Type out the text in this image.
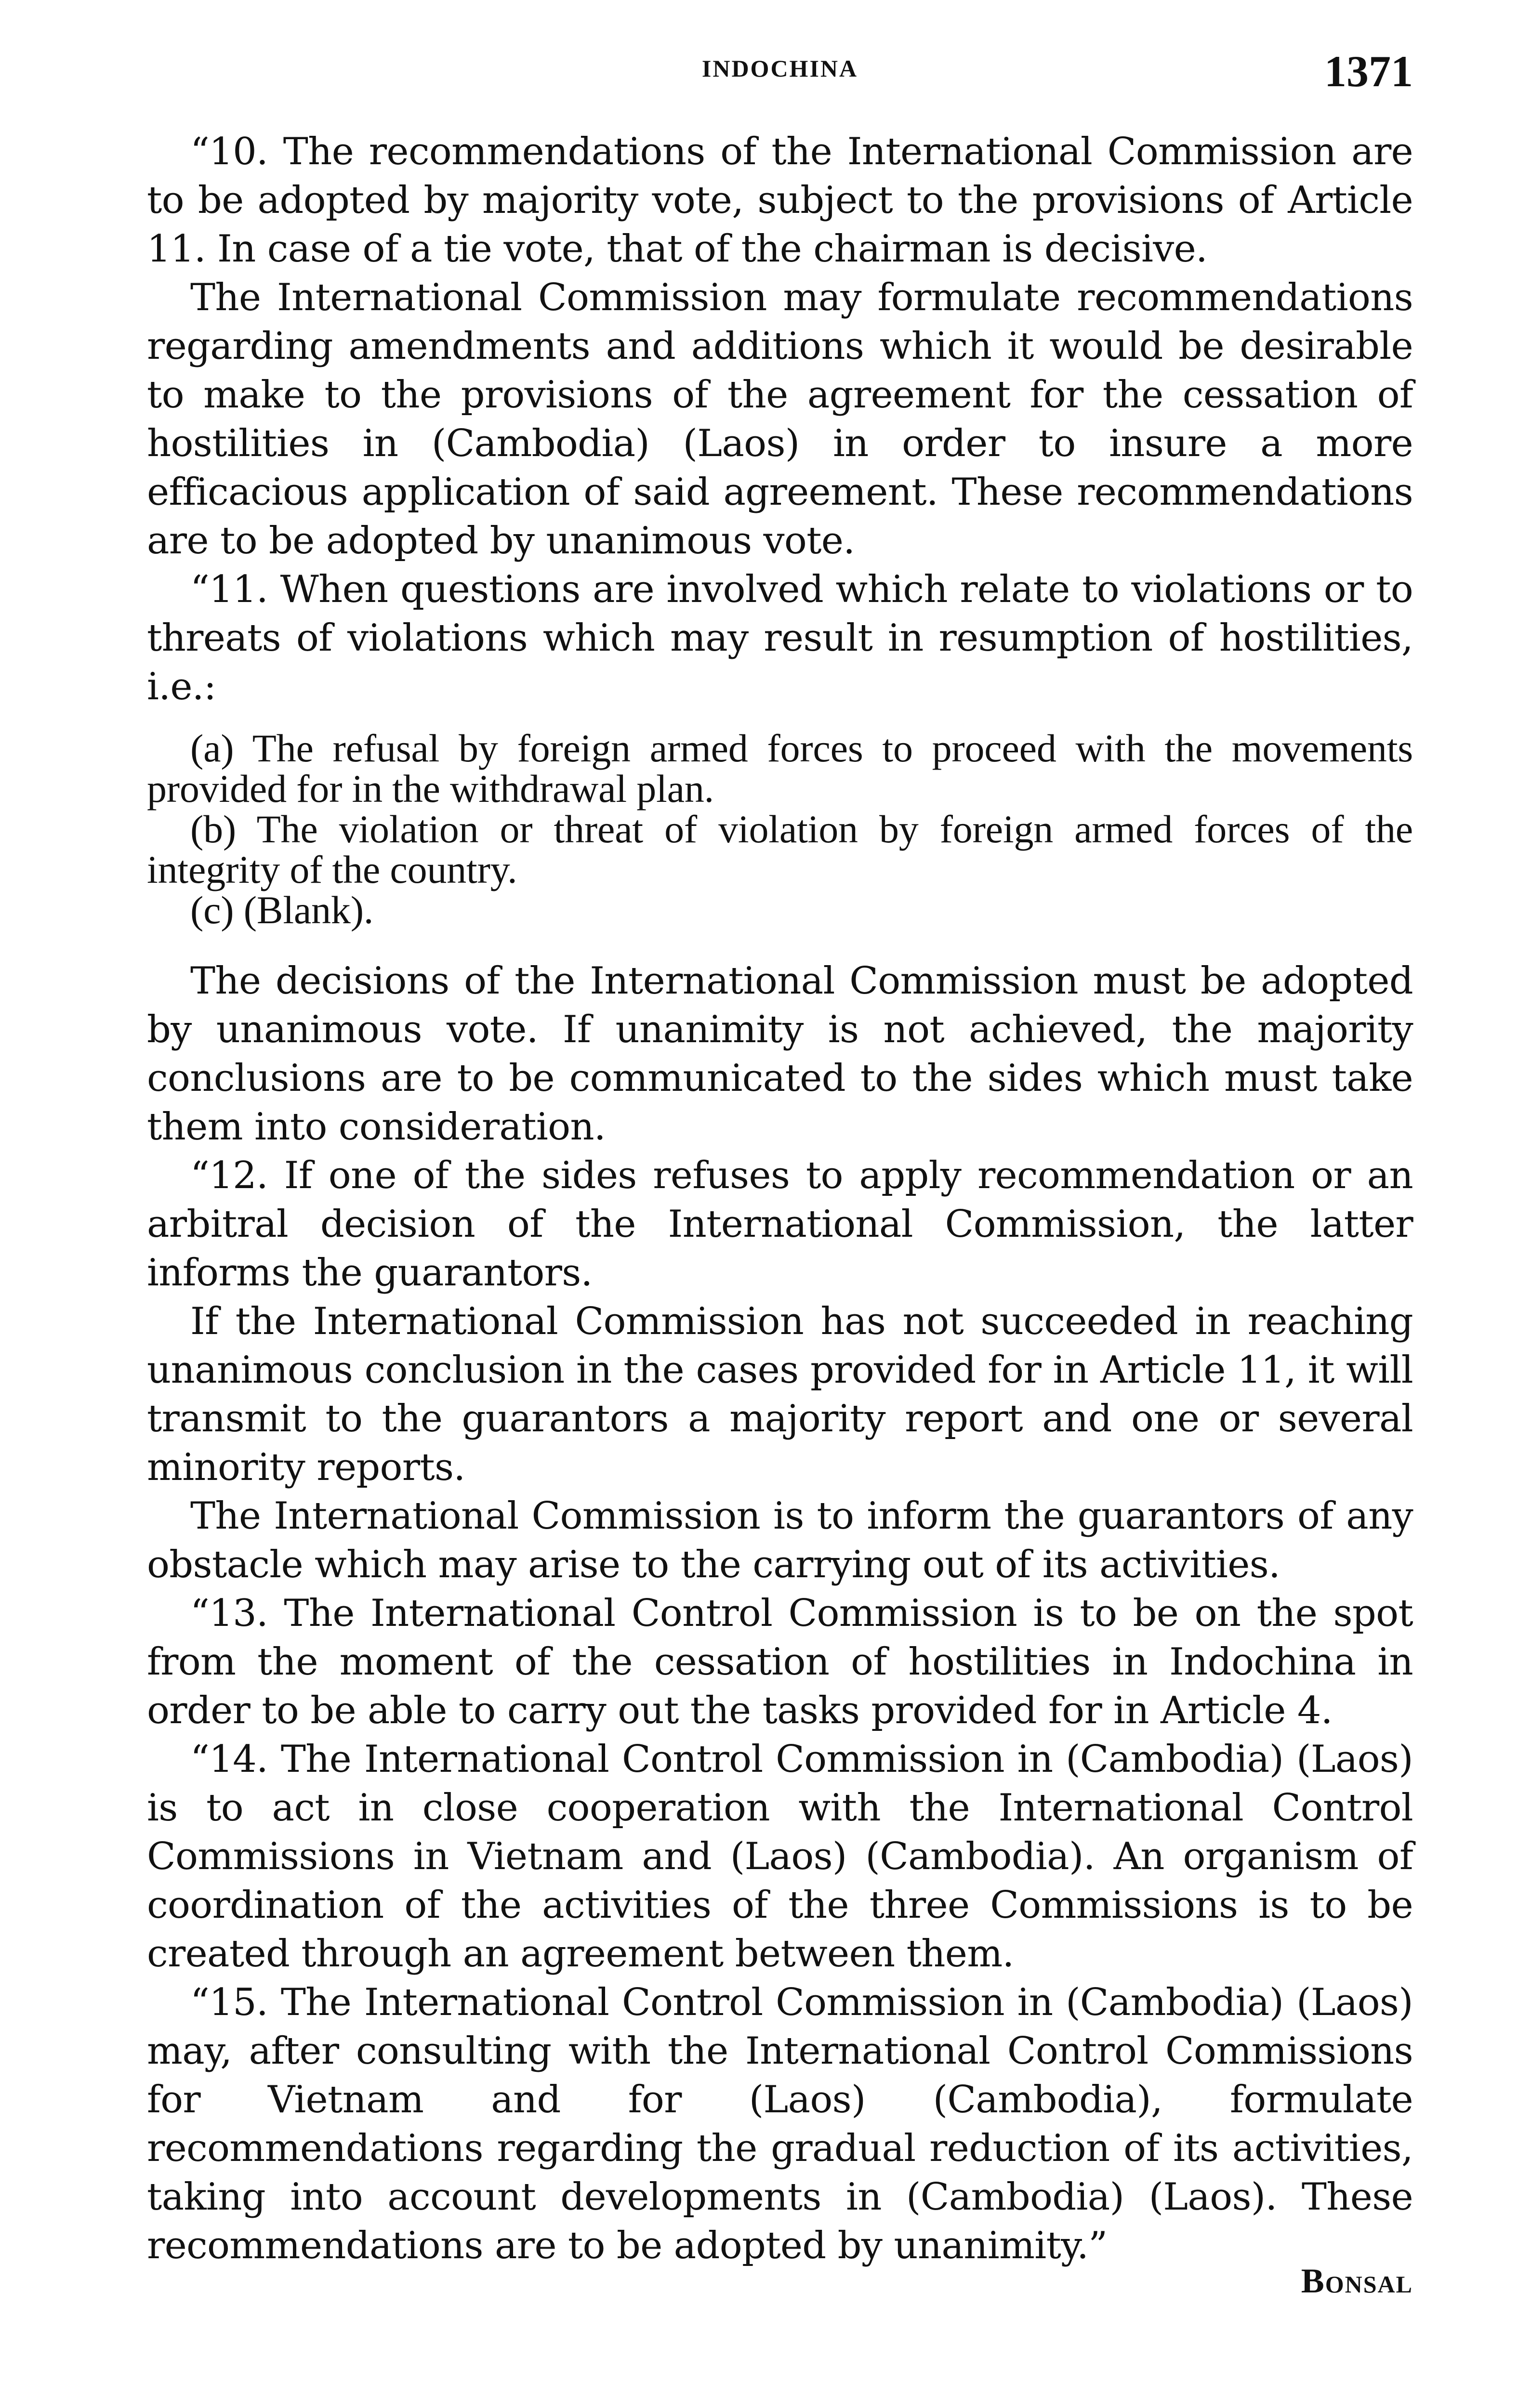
INDOCHINA	1371

“10. The recommendations of the International Commission are to be adopted by majority vote, subject to the provisions of Article 11. In case of a tie vote, that of the chairman is decisive.

The International Commission may formulate recommendations regarding amendments and additions which it would be desirable to make to the provisions of the agreement for the cessation of hostilities in (Cambodia) (Laos) in order to insure a more efficacious application of said agreement. These recommendations are to be adopted by unanimous vote.

“11. When questions are involved which relate to violations or to threats of violations which may result in resumption of hostilities, i.e.:

(a) The refusal by foreign armed forces to proceed with the movements provided for in the withdrawal plan.

(b) The violation or threat of violation by foreign armed forces of the integrity of the country.

(c) (Blank).

The decisions of the International Commission must be adopted by unanimous vote. If unanimity is not achieved, the majority conclusions are to be communicated to the sides which must take them into consideration.

“12. If one of the sides refuses to apply recommendation or an arbitral decision of the International Commission, the latter informs the guarantors.

If the International Commission has not succeeded in reaching unanimous conclusion in the cases provided for in Article 11, it will transmit to the guarantors a majority report and one or several minority reports.

The International Commission is to inform the guarantors of any obstacle which may arise to the carrying out of its activities.

“13. The International Control Commission is to be on the spot from the moment of the cessation of hostilities in Indochina in order to be able to carry out the tasks provided for in Article 4.

“14. The International Control Commission in (Cambodia) (Laos) is to act in close cooperation with the International Control Commissions in Vietnam and (Laos) (Cambodia). An organism of coordination of the activities of the three Commissions is to be created through an agreement between them.

“15. The International Control Commission in (Cambodia) (Laos) may, after consulting with the International Control Commissions for Vietnam and for (Laos) (Cambodia), formulate recommendations regarding the gradual reduction of its activities, taking into account developments in (Cambodia) (Laos). These recommendations are to be adopted by unanimity.”

Bonsal
